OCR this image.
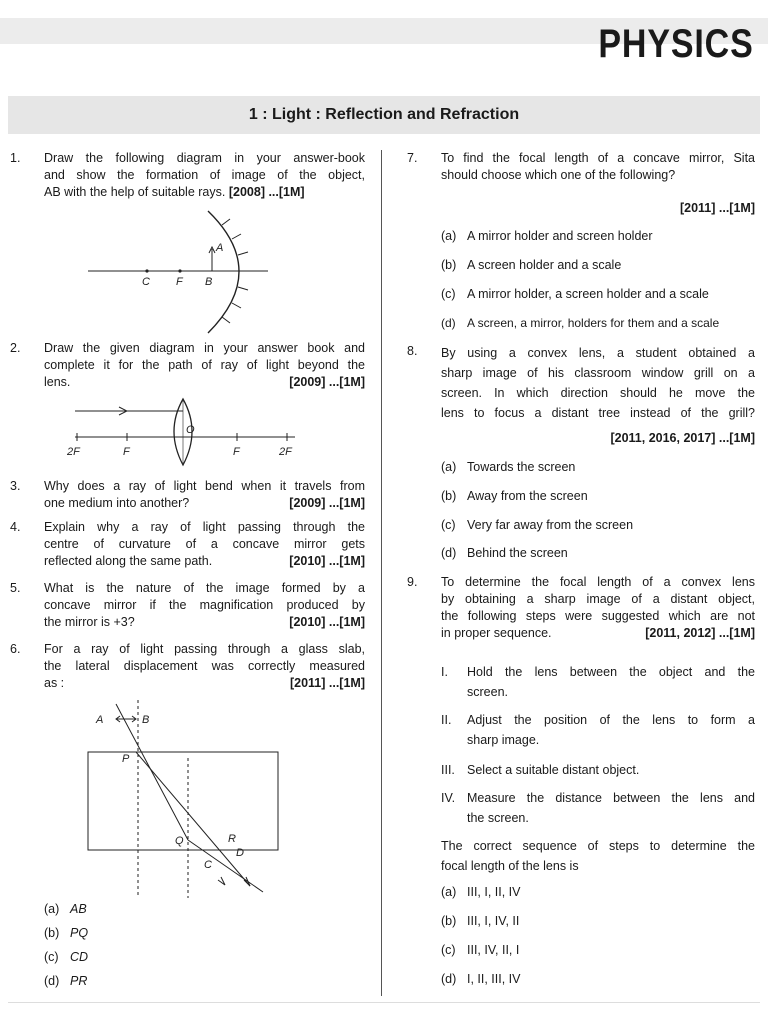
PHYSICS
1 : Light : Reflection and Refraction
1. Draw the following diagram in your answer-book
and show the formation of image of the object,
AB with the help of suitable rays. [2008] ...[1M]
A
C F B
2. Draw the given diagram in your answer book and
complete it for the path of ray of light beyond the
lens.	[2009] ...[1M]
2F	F
O
F	2F
3. Why does a ray of light bend when it travels from
one medium into another?	[2009] ...[1M]
4. Explain why a ray of light passing through the
centre of curvature of a concave mirror gets
reflected along the same path.	[2010] ...[1M]
5. What is the nature of the image formed by a
concave mirror if the magnification produced by
the mirror is +3?	[2010] ...[1M]
6. For a ray of light passing through a glass slab,
the lateral displacement was correctly measured
as :	[2011] ...[1M]
A	B
P
Q	R
D
C
(a) AB
(b) PQ
(c) CD
(d) PR
7. To find the focal length of a concave mirror, Sita
should choose which one of the following?
[2011] ...[1M]
(a) A mirror holder and screen holder
(b) A screen holder and a scale
(c) A mirror holder, a screen holder and a scale
(d) A screen, a mirror, holders for them and a scale
8. By using a convex lens, a student obtained a
sharp image of his classroom window grill on a
screen. In which direction should he move the
lens to focus a distant tree instead of the grill?
[2011, 2016, 2017] ...[1M]
(a) Towards the screen
(b) Away from the screen
(c) Very far away from the screen
(d) Behind the screen
9. To determine the focal length of a convex lens
by obtaining a sharp image of a distant object,
the following steps were suggested which are not
in proper sequence.	[2011, 2012] ...[1M]
I. Hold the lens between the object and the
screen.
II. Adjust the position of the lens to form a
sharp image.
III. Select a suitable distant object.
IV. Measure the distance between the lens and
the screen.
The correct sequence of steps to determine the
focal length of the lens is
(a) III, I, II, IV
(b) III, I, IV, II
(c) III, IV, II, I
(d) I, II, III, IV
